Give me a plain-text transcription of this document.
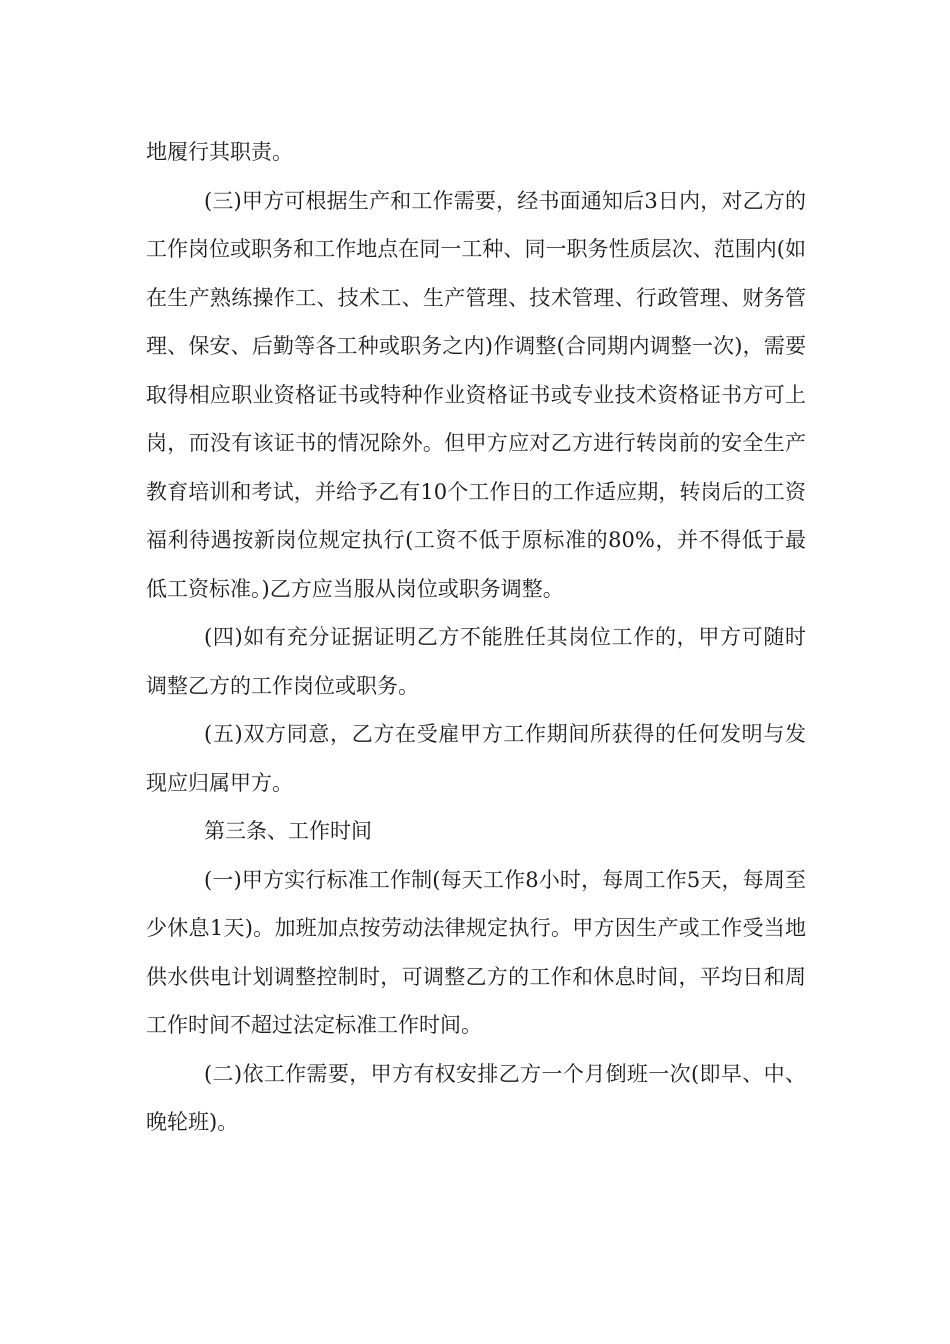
地履行其职责。

(三)甲方可根据生产和工作需要，经书面通知后3日内，对乙方的工作岗位或职务和工作地点在同一工种、同一职务性质层次、范围内(如在生产熟练操作工、技术工、生产管理、技术管理、行政管理、财务管理、保安、后勤等各工种或职务之内)作调整(合同期内调整一次)，需要取得相应职业资格证书或特种作业资格证书或专业技术资格证书方可上岗，而没有该证书的情况除外。但甲方应对乙方进行转岗前的安全生产教育培训和考试，并给予乙有10个工作日的工作适应期，转岗后的工资福利待遇按新岗位规定执行(工资不低于原标准的80%，并不得低于最低工资标准。)乙方应当服从岗位或职务调整。

(四)如有充分证据证明乙方不能胜任其岗位工作的，甲方可随时调整乙方的工作岗位或职务。

(五)双方同意，乙方在受雇甲方工作期间所获得的任何发明与发现应归属甲方。

第三条、工作时间

(一)甲方实行标准工作制(每天工作8小时，每周工作5天，每周至少休息1天)。加班加点按劳动法律规定执行。甲方因生产或工作受当地供水供电计划调整控制时，可调整乙方的工作和休息时间，平均日和周工作时间不超过法定标准工作时间。

(二)依工作需要，甲方有权安排乙方一个月倒班一次(即早、中、晚轮班)。
